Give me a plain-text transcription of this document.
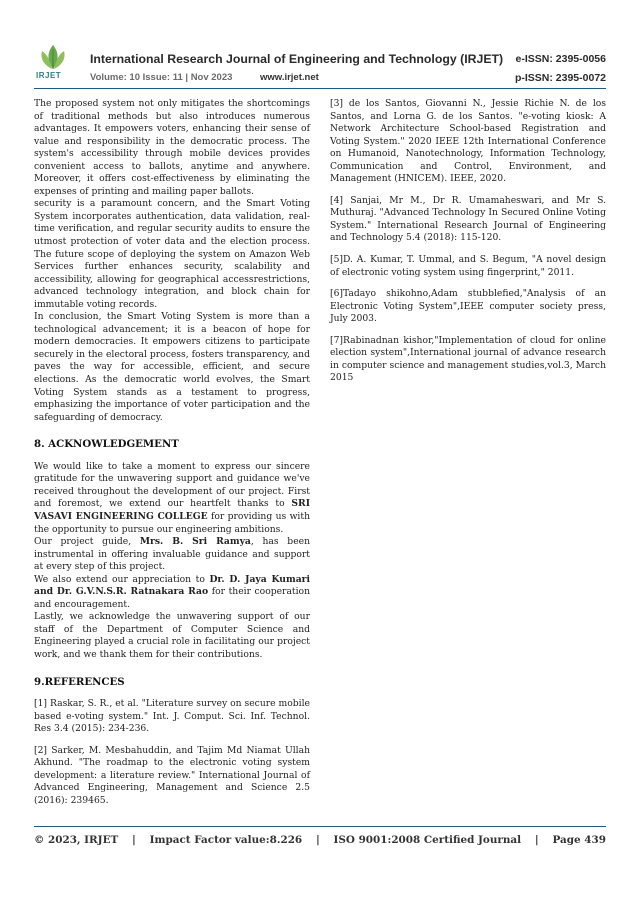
IRJET
International Research Journal of Engineering and Technology (IRJET) e-ISSN: 2395-0056
Volume: 10 Issue: 11 | Nov 2023	www.irjet.net	p-ISSN: 2395-0072

The proposed system not only mitigates the shortcomings of traditional methods but also introduces numerous advantages. It empowers voters, enhancing their sense of value and responsibility in the democratic process. The system's accessibility through mobile devices provides convenient access to ballots, anytime and anywhere. Moreover, it offers cost-effectiveness by eliminating the expenses of printing and mailing paper ballots.

security is a paramount concern, and the Smart Voting System incorporates authentication, data validation, real-time verification, and regular security audits to ensure the utmost protection of voter data and the election process. The future scope of deploying the system on Amazon Web Services further enhances security, scalability and accessibility, allowing for geographical accessrestrictions, advanced technology integration, and block chain for immutable voting records.

In conclusion, the Smart Voting System is more than a technological advancement; it is a beacon of hope for modern democracies. It empowers citizens to participate securely in the electoral process, fosters transparency, and paves the way for accessible, efficient, and secure elections. As the democratic world evolves, the Smart Voting System stands as a testament to progress, emphasizing the importance of voter participation and the safeguarding of democracy.

8. ACKNOWLEDGEMENT

We would like to take a moment to express our sincere gratitude for the unwavering support and guidance we've received throughout the development of our project. First and foremost, we extend our heartfelt thanks to SRI VASAVI ENGINEERING COLLEGE for providing us with the opportunity to pursue our engineering ambitions.

Our project guide, Mrs. B. Sri Ramya, has been instrumental in offering invaluable guidance and support at every step of this project.

We also extend our appreciation to Dr. D. Jaya Kumari and Dr. G.V.N.S.R. Ratnakara Rao for their cooperation and encouragement.

Lastly, we acknowledge the unwavering support of our staff of the Department of Computer Science and Engineering played a crucial role in facilitating our project work, and we thank them for their contributions.

9.REFERENCES

[1] Raskar, S. R., et al. "Literature survey on secure mobile based e-voting system." Int. J. Comput. Sci. Inf. Technol. Res 3.4 (2015): 234-236.

[2] Sarker, M. Mesbahuddin, and Tajim Md Niamat Ullah Akhund. "The roadmap to the electronic voting system development: a literature review." International Journal of Advanced Engineering, Management and Science 2.5 (2016): 239465.

[3] de los Santos, Giovanni N., Jessie Richie N. de los Santos, and Lorna G. de los Santos. "e-voting kiosk: A Network Architecture School-based Registration and Voting System." 2020 IEEE 12th International Conference on Humanoid, Nanotechnology, Information Technology, Communication and Control, Environment, and Management (HNICEM). IEEE, 2020.

[4] Sanjai, Mr M., Dr R. Umamaheswari, and Mr S. Muthuraj. "Advanced Technology In Secured Online Voting System." International Research Journal of Engineering and Technology 5.4 (2018): 115-120.

[5]D. A. Kumar, T. Ummal, and S. Begum, "A novel design of electronic voting system using fingerprint," 2011.

[6]Tadayo shikohno,Adam stubblefied,"Analysis of an Electronic Voting System",IEEE computer society press, July 2003.

[7]Rabinadnan kishor,"Implementation of cloud for online election system",International journal of advance research in computer science and management studies,vol.3, March 2015

© 2023, IRJET | Impact Factor value:8.226 | ISO 9001:2008 Certified Journal | Page 439
